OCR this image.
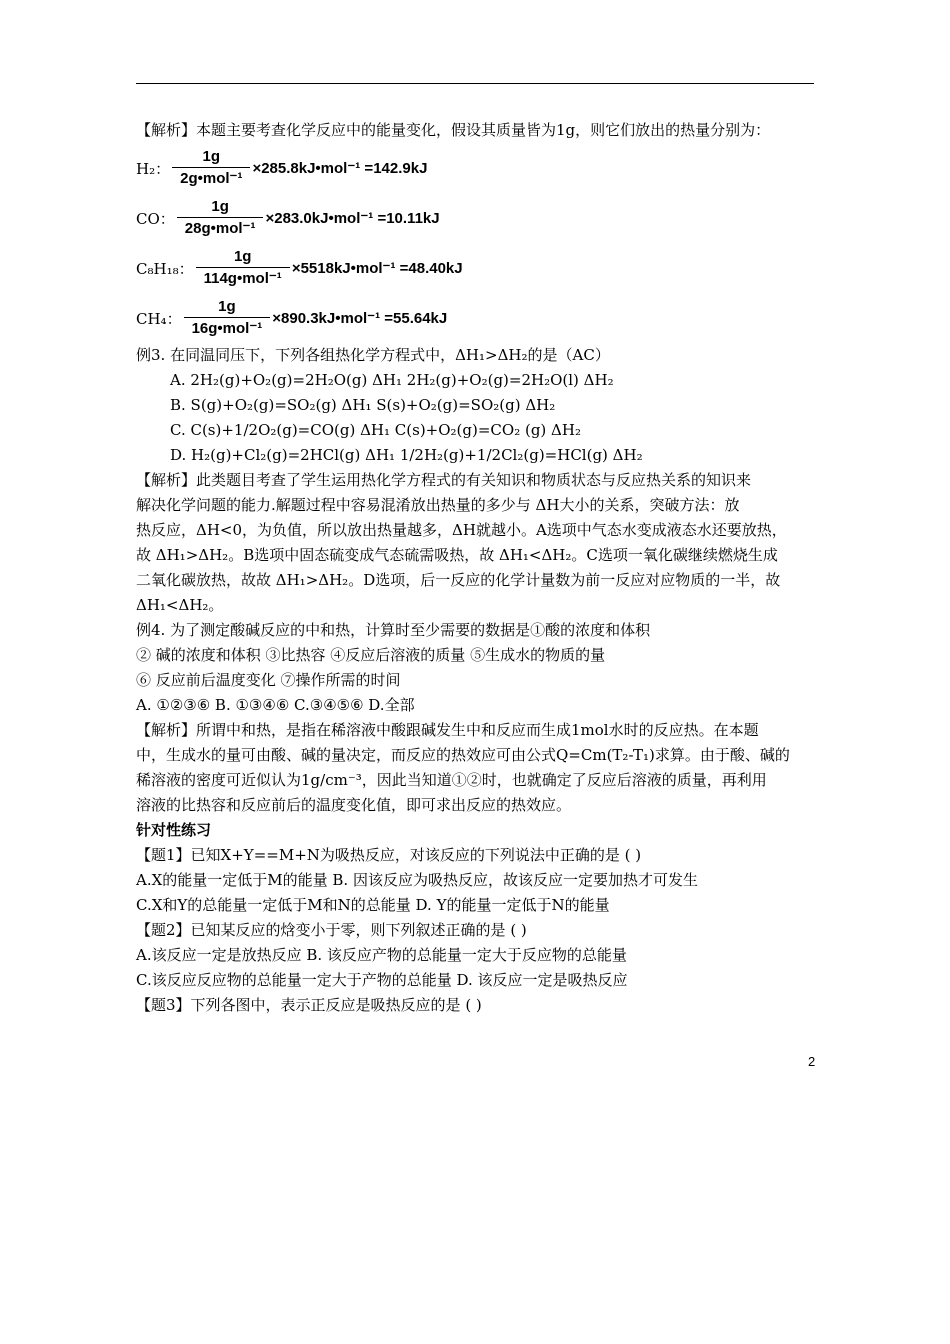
【解析】本题主要考查化学反应中的能量变化，假设其质量皆为1g，则它们放出的热量分别为：
H₂： $\frac{1g}{\text{2g•mol⁻¹}}$ ×285.8kJ•mol⁻¹ =142.9kJ
CO： $\frac{1g}{\text{28g•mol⁻¹}}$ ×283.0kJ•mol⁻¹ =10.11kJ
C₈H₁₈： $\frac{1g}{\text{114g•mol⁻¹}}$ ×5518kJ•mol⁻¹ =48.40kJ
CH₄： $\frac{1g}{\text{16g•mol⁻¹}}$ ×890.3kJ•mol⁻¹ =55.64kJ
例3. 在同温同压下，下列各组热化学方程式中，ΔH₁>ΔH₂的是（AC）
A. 2H₂(g)+O₂(g)=2H₂O(g) ΔH₁ 2H₂(g)+O₂(g)=2H₂O(l) ΔH₂
B. S(g)+O₂(g)=SO₂(g) ΔH₁ S(s)+O₂(g)=SO₂(g) ΔH₂
C. C(s)+1/2O₂(g)=CO(g) ΔH₁ C(s)+O₂(g)=CO₂ (g) ΔH₂
D. H₂(g)+Cl₂(g)=2HCl(g) ΔH₁ 1/2H₂(g)+1/2Cl₂(g)=HCl(g) ΔH₂
【解析】此类题目考查了学生运用热化学方程式的有关知识和物质状态与反应热关系的知识来
解决化学问题的能力.解题过程中容易混淆放出热量的多少与 ΔH大小的关系，突破方法：放
热反应，ΔH<0，为负值，所以放出热量越多，ΔH就越小。A选项中气态水变成液态水还要放热，
故 ΔH₁>ΔH₂。B选项中固态硫变成气态硫需吸热，故 ΔH₁<ΔH₂。C选项一氧化碳继续燃烧生成
二氧化碳放热，故故 ΔH₁>ΔH₂。D选项，后一反应的化学计量数为前一反应对应物质的一半，故
ΔH₁<ΔH₂。
例4. 为了测定酸碱反应的中和热，计算时至少需要的数据是①酸的浓度和体积
② 碱的浓度和体积 ③比热容 ④反应后溶液的质量 ⑤生成水的物质的量
⑥ 反应前后温度变化 ⑦操作所需的时间
A. ①②③⑥ B. ①③④⑥ C.③④⑤⑥ D.全部
【解析】所谓中和热，是指在稀溶液中酸跟碱发生中和反应而生成1mol水时的反应热。在本题
中，生成水的量可由酸、碱的量决定，而反应的热效应可由公式Q=Cm(T₂-T₁)求算。由于酸、碱的
稀溶液的密度可近似认为1g/cm⁻³，因此当知道①②时，也就确定了反应后溶液的质量，再利用
溶液的比热容和反应前后的温度变化值，即可求出反应的热效应。
针对性练习
【题1】已知X+Y==M+N为吸热反应，对该反应的下列说法中正确的是 ( )
A.X的能量一定低于M的能量 B. 因该反应为吸热反应，故该反应一定要加热才可发生
C.X和Y的总能量一定低于M和N的总能量 D. Y的能量一定低于N的能量
【题2】已知某反应的焓变小于零，则下列叙述正确的是 ( )
A.该反应一定是放热反应 B. 该反应产物的总能量一定大于反应物的总能量
C.该反应反应物的总能量一定大于产物的总能量 D. 该反应一定是吸热反应
【题3】下列各图中，表示正反应是吸热反应的是 ( )
2
